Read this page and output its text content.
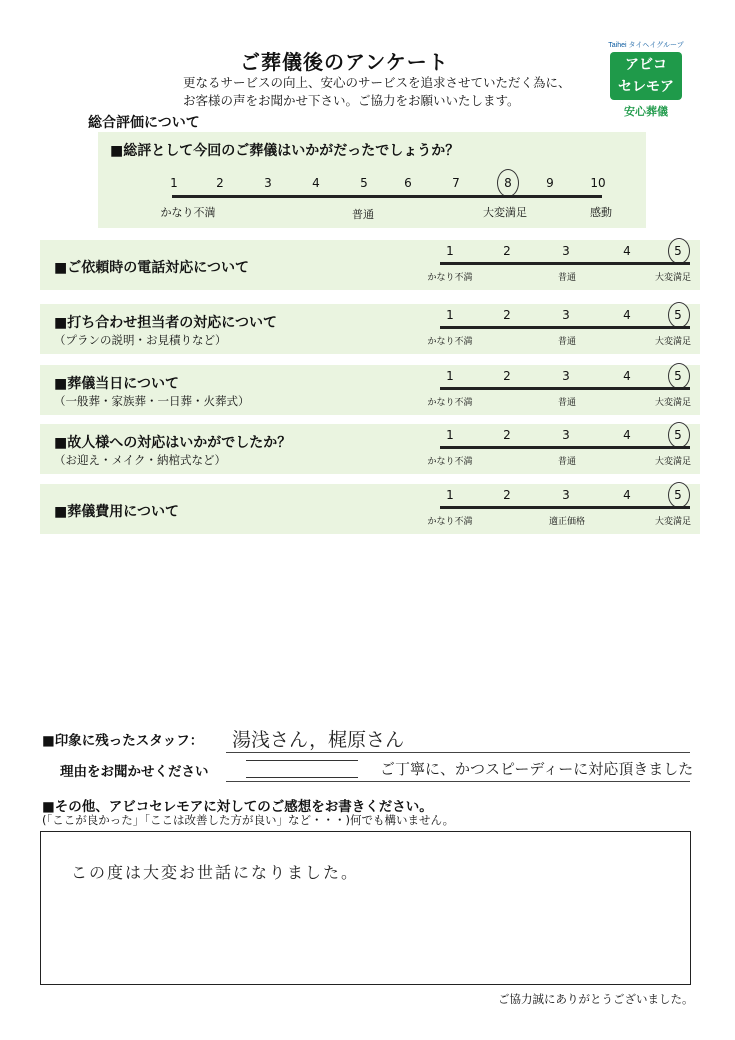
ご葬儀後のアンケート
更なるサービスの向上、安心のサービスを追求させていただく為に、
お客様の声をお聞かせ下さい。ご協力をお願いいたします。
Taihei タイヘイグループ
アビコ
セレモア
安心葬儀
総合評価について
■総評として今回のご葬儀はいかがだったでしょうか？
1	2	3	4	5	6	7	8	9	10
かなり不満	普通	大変満足	感動
■ご依頼時の電話対応について
1	2	3	4	5
かなり不満	普通	大変満足
■打ち合わせ担当者の対応について
（プランの説明・お見積りなど）
1	2	3	4	5
かなり不満	普通	大変満足
■葬儀当日について
（一般葬・家族葬・一日葬・火葬式）
1	2	3	4	5
かなり不満	普通	大変満足
■故人様への対応はいかがでしたか？
（お迎え・メイク・納棺式など）
1	2	3	4	5
かなり不満	普通	大変満足
■葬儀費用について
1	2	3	4	5
かなり不満	適正価格	大変満足
■印象に残ったスタッフ： 湯浅さん，梶原さん
理由をお聞かせください	ご丁寧に、かつスピーディーに対応頂きました
■その他、アビコセレモアに対してのご感想をお書きください。
(「ここが良かった」「ここは改善した方が良い」など・・・)何でも構いません。
この度は大変お世話になりました。
ご協力誠にありがとうございました。
